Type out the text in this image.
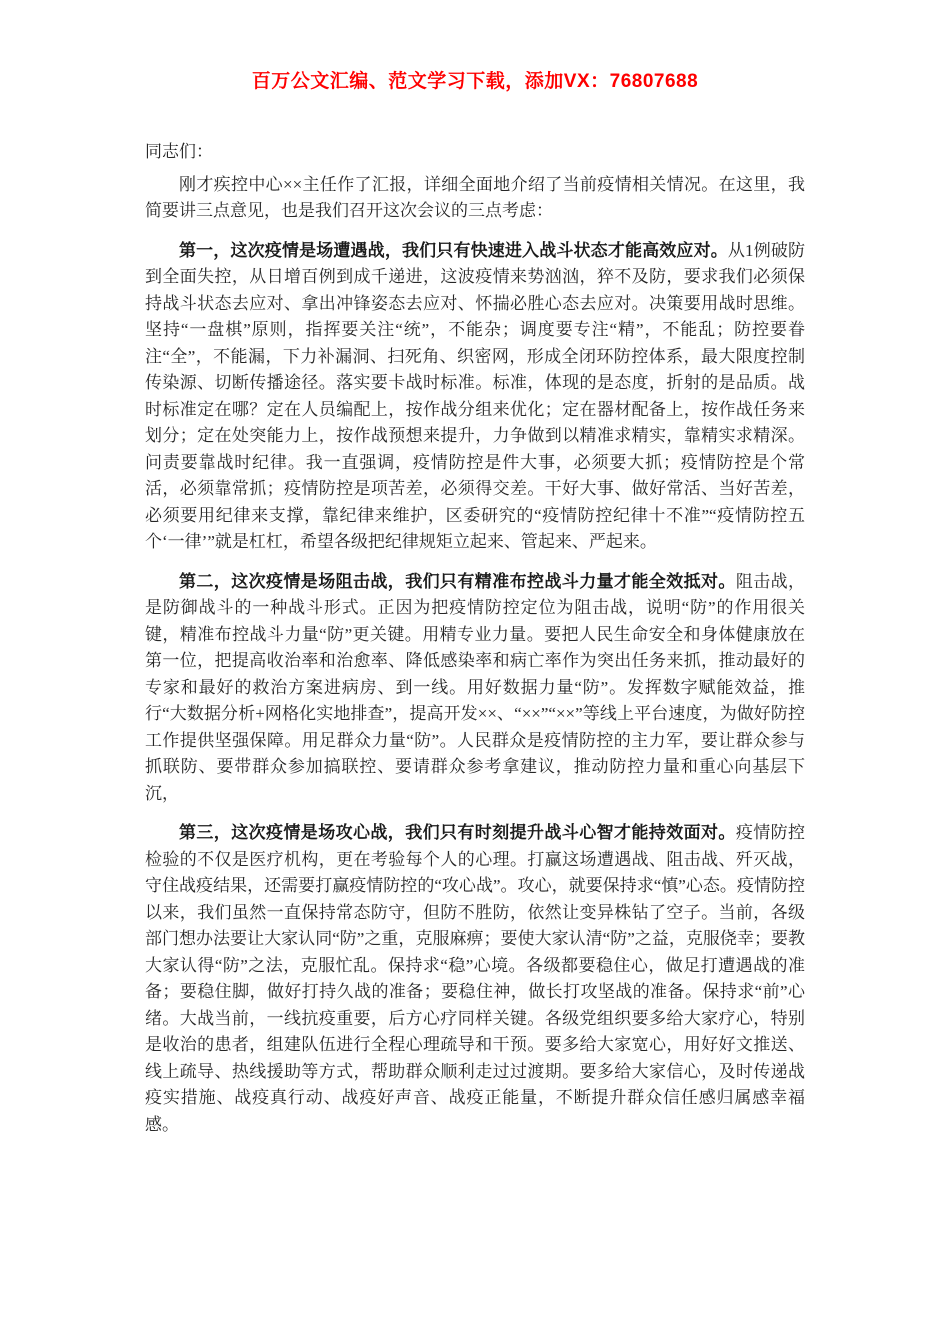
百万公文汇编、范文学习下载，添加VX：76807688

同志们：

刚才疾控中心××主任作了汇报，详细全面地介绍了当前疫情相关情况。在这里，我简要讲三点意见，也是我们召开这次会议的三点考虑：

第一，这次疫情是场遭遇战，我们只有快速进入战斗状态才能高效应对。从1例破防到全面失控，从日增百例到成千递进，这波疫情来势汹汹，猝不及防，要求我们必须保持战斗状态去应对、拿出冲锋姿态去应对、怀揣必胜心态去应对。决策要用战时思维。坚持“一盘棋”原则，指挥要关注“统”，不能杂；调度要专注“精”，不能乱；防控要眷注“全”，不能漏，下力补漏洞、扫死角、织密网，形成全闭环防控体系，最大限度控制传染源、切断传播途径。落实要卡战时标准。标准，体现的是态度，折射的是品质。战时标准定在哪？定在人员编配上，按作战分组来优化；定在器材配备上，按作战任务来划分；定在处突能力上，按作战预想来提升，力争做到以精准求精实，靠精实求精深。问责要靠战时纪律。我一直强调，疫情防控是件大事，必须要大抓；疫情防控是个常活，必须靠常抓；疫情防控是项苦差，必须得交差。干好大事、做好常活、当好苦差，必须要用纪律来支撑，靠纪律来维护，区委研究的“疫情防控纪律十不准”“疫情防控五个‘一律’”就是杠杠，希望各级把纪律规矩立起来、管起来、严起来。

第二，这次疫情是场阻击战，我们只有精准布控战斗力量才能全效抵对。阻击战，是防御战斗的一种战斗形式。正因为把疫情防控定位为阻击战，说明“防”的作用很关键，精准布控战斗力量“防”更关键。用精专业力量。要把人民生命安全和身体健康放在第一位，把提高收治率和治愈率、降低感染率和病亡率作为突出任务来抓，推动最好的专家和最好的救治方案进病房、到一线。用好数据力量“防”。发挥数字赋能效益，推行“大数据分析+网格化实地排查”，提高开发××、“××”“××”等线上平台速度，为做好防控工作提供坚强保障。用足群众力量“防”。人民群众是疫情防控的主力军，要让群众参与抓联防、要带群众参加搞联控、要请群众参考拿建议，推动防控力量和重心向基层下沉，

第三，这次疫情是场攻心战，我们只有时刻提升战斗心智才能持效面对。疫情防控检验的不仅是医疗机构，更在考验每个人的心理。打赢这场遭遇战、阻击战、歼灭战，守住战疫结果，还需要打赢疫情防控的“攻心战”。攻心，就要保持求“慎”心态。疫情防控以来，我们虽然一直保持常态防守，但防不胜防，依然让变异株钻了空子。当前，各级部门想办法要让大家认同“防”之重，克服麻痹；要使大家认清“防”之益，克服侥幸；要教大家认得“防”之法，克服忙乱。保持求“稳”心境。各级都要稳住心，做足打遭遇战的准备；要稳住脚，做好打持久战的准备；要稳住神，做长打攻坚战的准备。保持求“前”心绪。大战当前，一线抗疫重要，后方心疗同样关键。各级党组织要多给大家疗心，特别是收治的患者，组建队伍进行全程心理疏导和干预。要多给大家宽心，用好好文推送、线上疏导、热线援助等方式，帮助群众顺利走过过渡期。要多给大家信心，及时传递战疫实措施、战疫真行动、战疫好声音、战疫正能量，不断提升群众信任感归属感幸福感。
